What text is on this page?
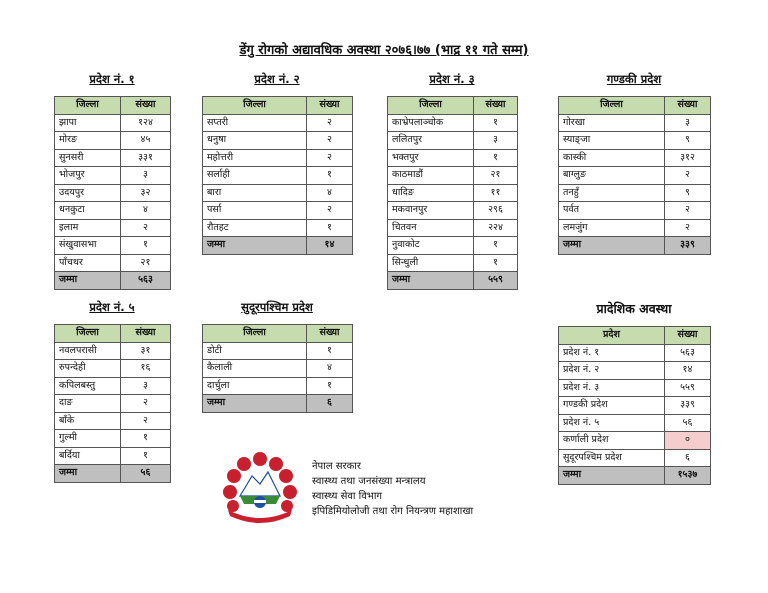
डेंगु रोगको अद्यावधिक अवस्था २०७६।७७ (भाद्र ११ गते सम्म)
प्रदेश नं. १
जिल्ला	संख्या
झापा	१२४
मोरङ	४५
सुनसरी	३३१
भोजपुर	३
उदयपुर	३२
धनकुटा	४
इलाम	२
संखुवासभा	१
पाँचथर	२१
जम्मा	५६३
प्रदेश नं. २
जिल्ला	संख्या
सप्तरी	२
धनुषा	२
महोत्तरी	२
सर्लाही	१
बारा	४
पर्सा	२
रौतहट	१
जम्मा	१४
प्रदेश नं. ३
जिल्ला	संख्या
काभ्रेपलाञ्चोक	१
ललितपुर	३
भक्तपुर	१
काठमाडौं	२१
धादिङ	११
मकवानपुर	२९६
चितवन	२२४
नुवाकोट	१
सिन्धुली	१
जम्मा	५५९
गण्डकी प्रदेश
जिल्ला	संख्या
गोरखा	३
स्याङ्जा	९
कास्की	३१२
बाग्लुङ	२
तनहुँ	९
पर्वत	२
लमजुंग	२
जम्मा	३३९
प्रदेश नं. ५
जिल्ला	संख्या
नवलपरासी	३१
रुपन्देही	१६
कपिलबस्तु	३
दाङ	२
बाँके	२
गुल्मी	१
बर्दिया	१
जम्मा	५६
सुदूरपश्चिम प्रदेश
जिल्ला	संख्या
डोटी	१
कैलाली	४
दार्चुला	१
जम्मा	६
प्रादेशिक अवस्था
प्रदेश	संख्या
प्रदेश नं. १	५६३
प्रदेश नं. २	१४
प्रदेश नं. ३	५५९
गण्डकी प्रदेश	३३९
प्रदेश नं. ५	५६
कर्णाली प्रदेश	०
सुदूरपश्चिम प्रदेश	६
जम्मा	१५३७
नेपाल सरकार
स्वास्थ्य तथा जनसंख्या मन्त्रालय
स्वास्थ्य सेवा विभाग
इपिडिमियोलोजी तथा रोग नियन्त्रण महाशाखा
